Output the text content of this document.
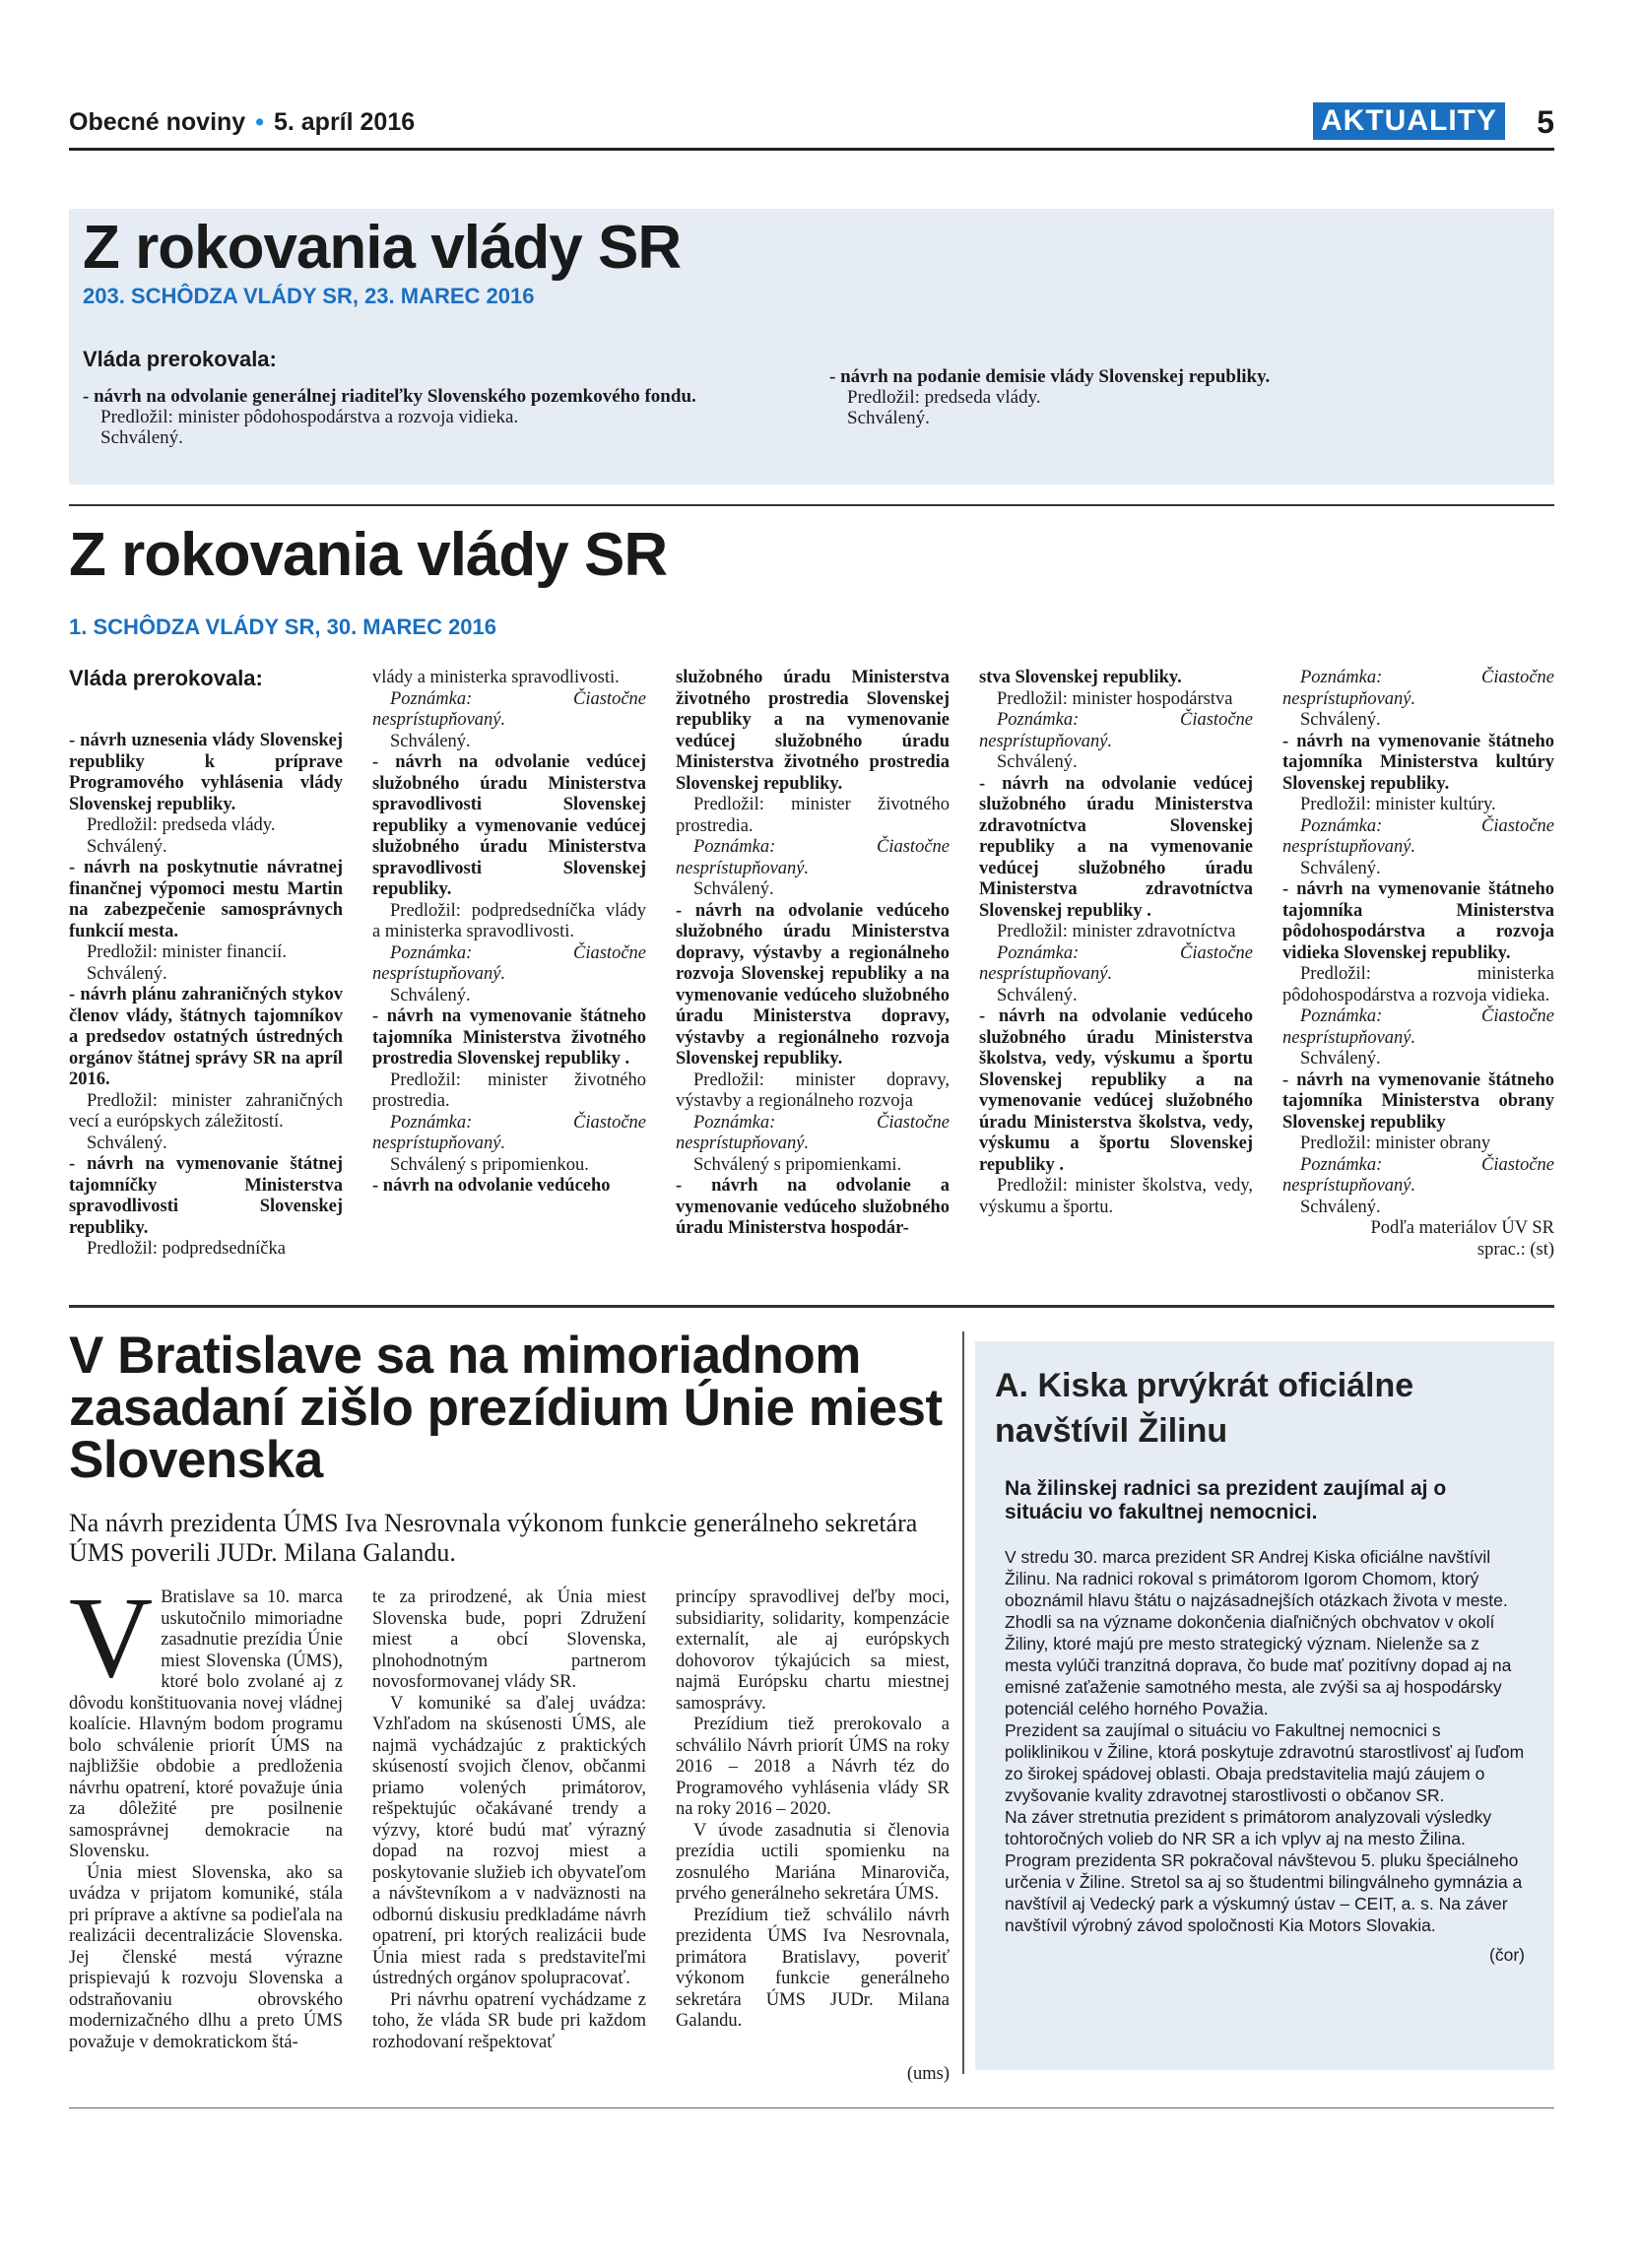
Obecné noviny • 5. apríl 2016	AKTUALITY 5
Z rokovania vlády SR
203. SCHÔDZA VLÁDY SR, 23. MAREC 2016
Vláda prerokovala:
- návrh na odvolanie generálnej riaditeľky Slovenského pozemkového fondu.
Predložil: minister pôdohospodárstva a rozvoja vidieka.
Schválený.
- návrh na podanie demisie vlády Slovenskej republiky.
Predložil: predseda vlády.
Schválený.
Z rokovania vlády SR
1. SCHÔDZA VLÁDY SR, 30. MAREC 2016
Vláda prerokovala:
- návrh uznesenia vlády Slovenskej republiky k príprave Programového vyhlásenia vlády Slovenskej republiky.
Predložil: predseda vlády.
Schválený.
- návrh na poskytnutie návratnej finančnej výpomoci mestu Martin na zabezpečenie samosprávnych funkcií mesta.
Predložil: minister financií.
Schválený.
- návrh plánu zahraničných stykov členov vlády, štátnych tajomníkov a predsedov ostatných ústredných orgánov štátnej správy SR na apríl 2016.
Predložil: minister zahraničných vecí a európskych záležitostí.
Schválený.
- návrh na vymenovanie štátnej tajomníčky Ministerstva spravodlivosti Slovenskej republiky.
Predložil: podpredsedníčka
vlády a ministerka spravodlivosti.
Poznámka: Čiastočne nesprístupňovaný.
Schválený.
- návrh na odvolanie vedúcej služobného úradu Ministerstva spravodlivosti Slovenskej republiky a vymenovanie vedúcej služobného úradu Ministerstva spravodlivosti Slovenskej republiky.
Predložil: podpredsedníčka vlády a ministerka spravodlivosti.
Poznámka: Čiastočne nesprístupňovaný.
Schválený.
- návrh na vymenovanie štátneho tajomníka Ministerstva životného prostredia Slovenskej republiky .
Predložil: minister životného prostredia.
Poznámka: Čiastočne nesprístupňovaný.
Schválený s pripomienkou.
- návrh na odvolanie vedúceho
služobného úradu Ministerstva životného prostredia Slovenskej republiky a na vymenovanie vedúcej služobného úradu Ministerstva životného prostredia Slovenskej republiky.
Predložil: minister životného prostredia.
Poznámka: Čiastočne nesprístupňovaný.
Schválený.
- návrh na odvolanie vedúceho služobného úradu Ministerstva dopravy, výstavby a regionálneho rozvoja Slovenskej republiky a na vymenovanie vedúceho služobného úradu Ministerstva dopravy, výstavby a regionálneho rozvoja Slovenskej republiky.
Predložil: minister dopravy, výstavby a regionálneho rozvoja
Poznámka: Čiastočne nesprístupňovaný.
Schválený s pripomienkami.
- návrh na odvolanie a vymenovanie vedúceho služobného úradu Ministerstva hospodár-
stva Slovenskej republiky.
Predložil: minister hospodárstva
Poznámka: Čiastočne nesprístupňovaný.
Schválený.
- návrh na odvolanie vedúcej služobného úradu Ministerstva zdravotníctva Slovenskej republiky a na vymenovanie vedúcej služobného úradu Ministerstva zdravotníctva Slovenskej republiky .
Predložil: minister zdravotníctva
Poznámka: Čiastočne nesprístupňovaný.
Schválený.
- návrh na odvolanie vedúceho služobného úradu Ministerstva školstva, vedy, výskumu a športu Slovenskej republiky a na vymenovanie vedúcej služobného úradu Ministerstva školstva, vedy, výskumu a športu Slovenskej republiky .
Predložil: minister školstva, vedy, výskumu a športu.
Poznámka: Čiastočne nesprístupňovaný.
Schválený.
- návrh na vymenovanie štátneho tajomníka Ministerstva kultúry Slovenskej republiky.
Predložil: minister kultúry.
Poznámka: Čiastočne nesprístupňovaný.
Schválený.
- návrh na vymenovanie štátneho tajomníka Ministerstva pôdohospodárstva a rozvoja vidieka Slovenskej republiky.
Predložil: ministerka pôdohospodárstva a rozvoja vidieka.
Poznámka: Čiastočne nesprístupňovaný.
Schválený.
- návrh na vymenovanie štátneho tajomníka Ministerstva obrany Slovenskej republiky
Predložil: minister obrany
Poznámka: Čiastočne nesprístupňovaný.
Schválený.
Podľa materiálov ÚV SR
sprac.: (st)
V Bratislave sa na mimoriadnom zasadaní zišlo prezídium Únie miest Slovenska
Na návrh prezidenta ÚMS Iva Nesrovnala výkonom funkcie generálneho sekretára ÚMS poverili JUDr. Milana Galandu.
V Bratislave sa 10. marca uskutočnilo mimoriadne zasadnutie prezídia Únie miest Slovenska (ÚMS), ktoré bolo zvolané aj z dôvodu konštituovania novej vládnej koalície. Hlavným bodom programu bolo schválenie priorít ÚMS na najbližšie obdobie a predloženia návrhu opatrení, ktoré považuje únia za dôležité pre posilnenie samosprávnej demokracie na Slovensku.
Únia miest Slovenska, ako sa uvádza v prijatom komuniké, stála pri príprave a aktívne sa podieľala na realizácii decentralizácie Slovenska. Jej členské mestá výrazne prispievajú k rozvoju Slovenska a odstraňovaniu obrovského modernizačného dlhu a preto ÚMS považuje v demokratickom štá-
te za prirodzené, ak Únia miest Slovenska bude, popri Združení miest a obcí Slovenska, plnohodnotným partnerom novosformovanej vlády SR.
V komuniké sa ďalej uvádza: Vzhľadom na skúsenosti ÚMS, ale najmä vychádzajúc z praktických skúseností svojich členov, občanmi priamo volených primátorov, rešpektujúc očakávané trendy a výzvy, ktoré budú mať výrazný dopad na rozvoj miest a poskytovanie služieb ich obyvateľom a návštevníkom a v nadväznosti na odbornú diskusiu predkladáme návrh opatrení, pri ktorých realizácii bude Únia miest rada s predstaviteľmi ústredných orgánov spolupracovať.
Pri návrhu opatrení vychádzame z toho, že vláda SR bude pri každom rozhodovaní rešpektovať
princípy spravodlivej deľby moci, subsidiarity, solidarity, kompenzácie externalít, ale aj európskych dohovorov týkajúcich sa miest, najmä Európsku chartu miestnej samosprávy.
Prezídium tiež prerokovalo a schválilo Návrh priorít ÚMS na roky 2016 – 2018 a Návrh téz do Programového vyhlásenia vlády SR na roky 2016 – 2020.
V úvode zasadnutia si členovia prezídia uctili spomienku na zosnulého Mariána Minaroviča, prvého generálneho sekretára ÚMS.
Prezídium tiež schválilo návrh prezidenta ÚMS Iva Nesrovnala, primátora Bratislavy, poveriť výkonom funkcie generálneho sekretára ÚMS JUDr. Milana Galandu.
(ums)
A. Kiska prvýkrát oficiálne navštívil Žilinu
Na žilinskej radnici sa prezident zaujímal aj o situáciu vo fakultnej nemocnici.
V stredu 30. marca prezident SR Andrej Kiska oficiálne navštívil Žilinu. Na radnici rokoval s primátorom Igorom Chomom, ktorý oboznámil hlavu štátu o najzásadnejších otázkach života v meste. Zhodli sa na význame dokončenia diaľničných obchvatov v okolí Žiliny, ktoré majú pre mesto strategický význam. Nielenže sa z mesta vylúči tranzitná doprava, čo bude mať pozitívny dopad aj na emisné zaťaženie samotného mesta, ale zvýši sa aj hospodársky potenciál celého horného Považia.
Prezident sa zaujímal o situáciu vo Fakultnej nemocnici s poliklinikou v Žiline, ktorá poskytuje zdravotnú starostlivosť aj ľuďom zo širokej spádovej oblasti. Obaja predstavitelia majú záujem o zvyšovanie kvality zdravotnej starostlivosti o občanov SR.
Na záver stretnutia prezident s primátorom analyzovali výsledky tohtoročných volieb do NR SR a ich vplyv aj na mesto Žilina.
Program prezidenta SR pokračoval návštevou 5. pluku špeciálneho určenia v Žiline. Stretol sa aj so študentmi bilingválneho gymnázia a navštívil aj Vedecký park a výskumný ústav – CEIT, a. s. Na záver navštívil výrobný závod spoločnosti Kia Motors Slovakia.
(čor)
